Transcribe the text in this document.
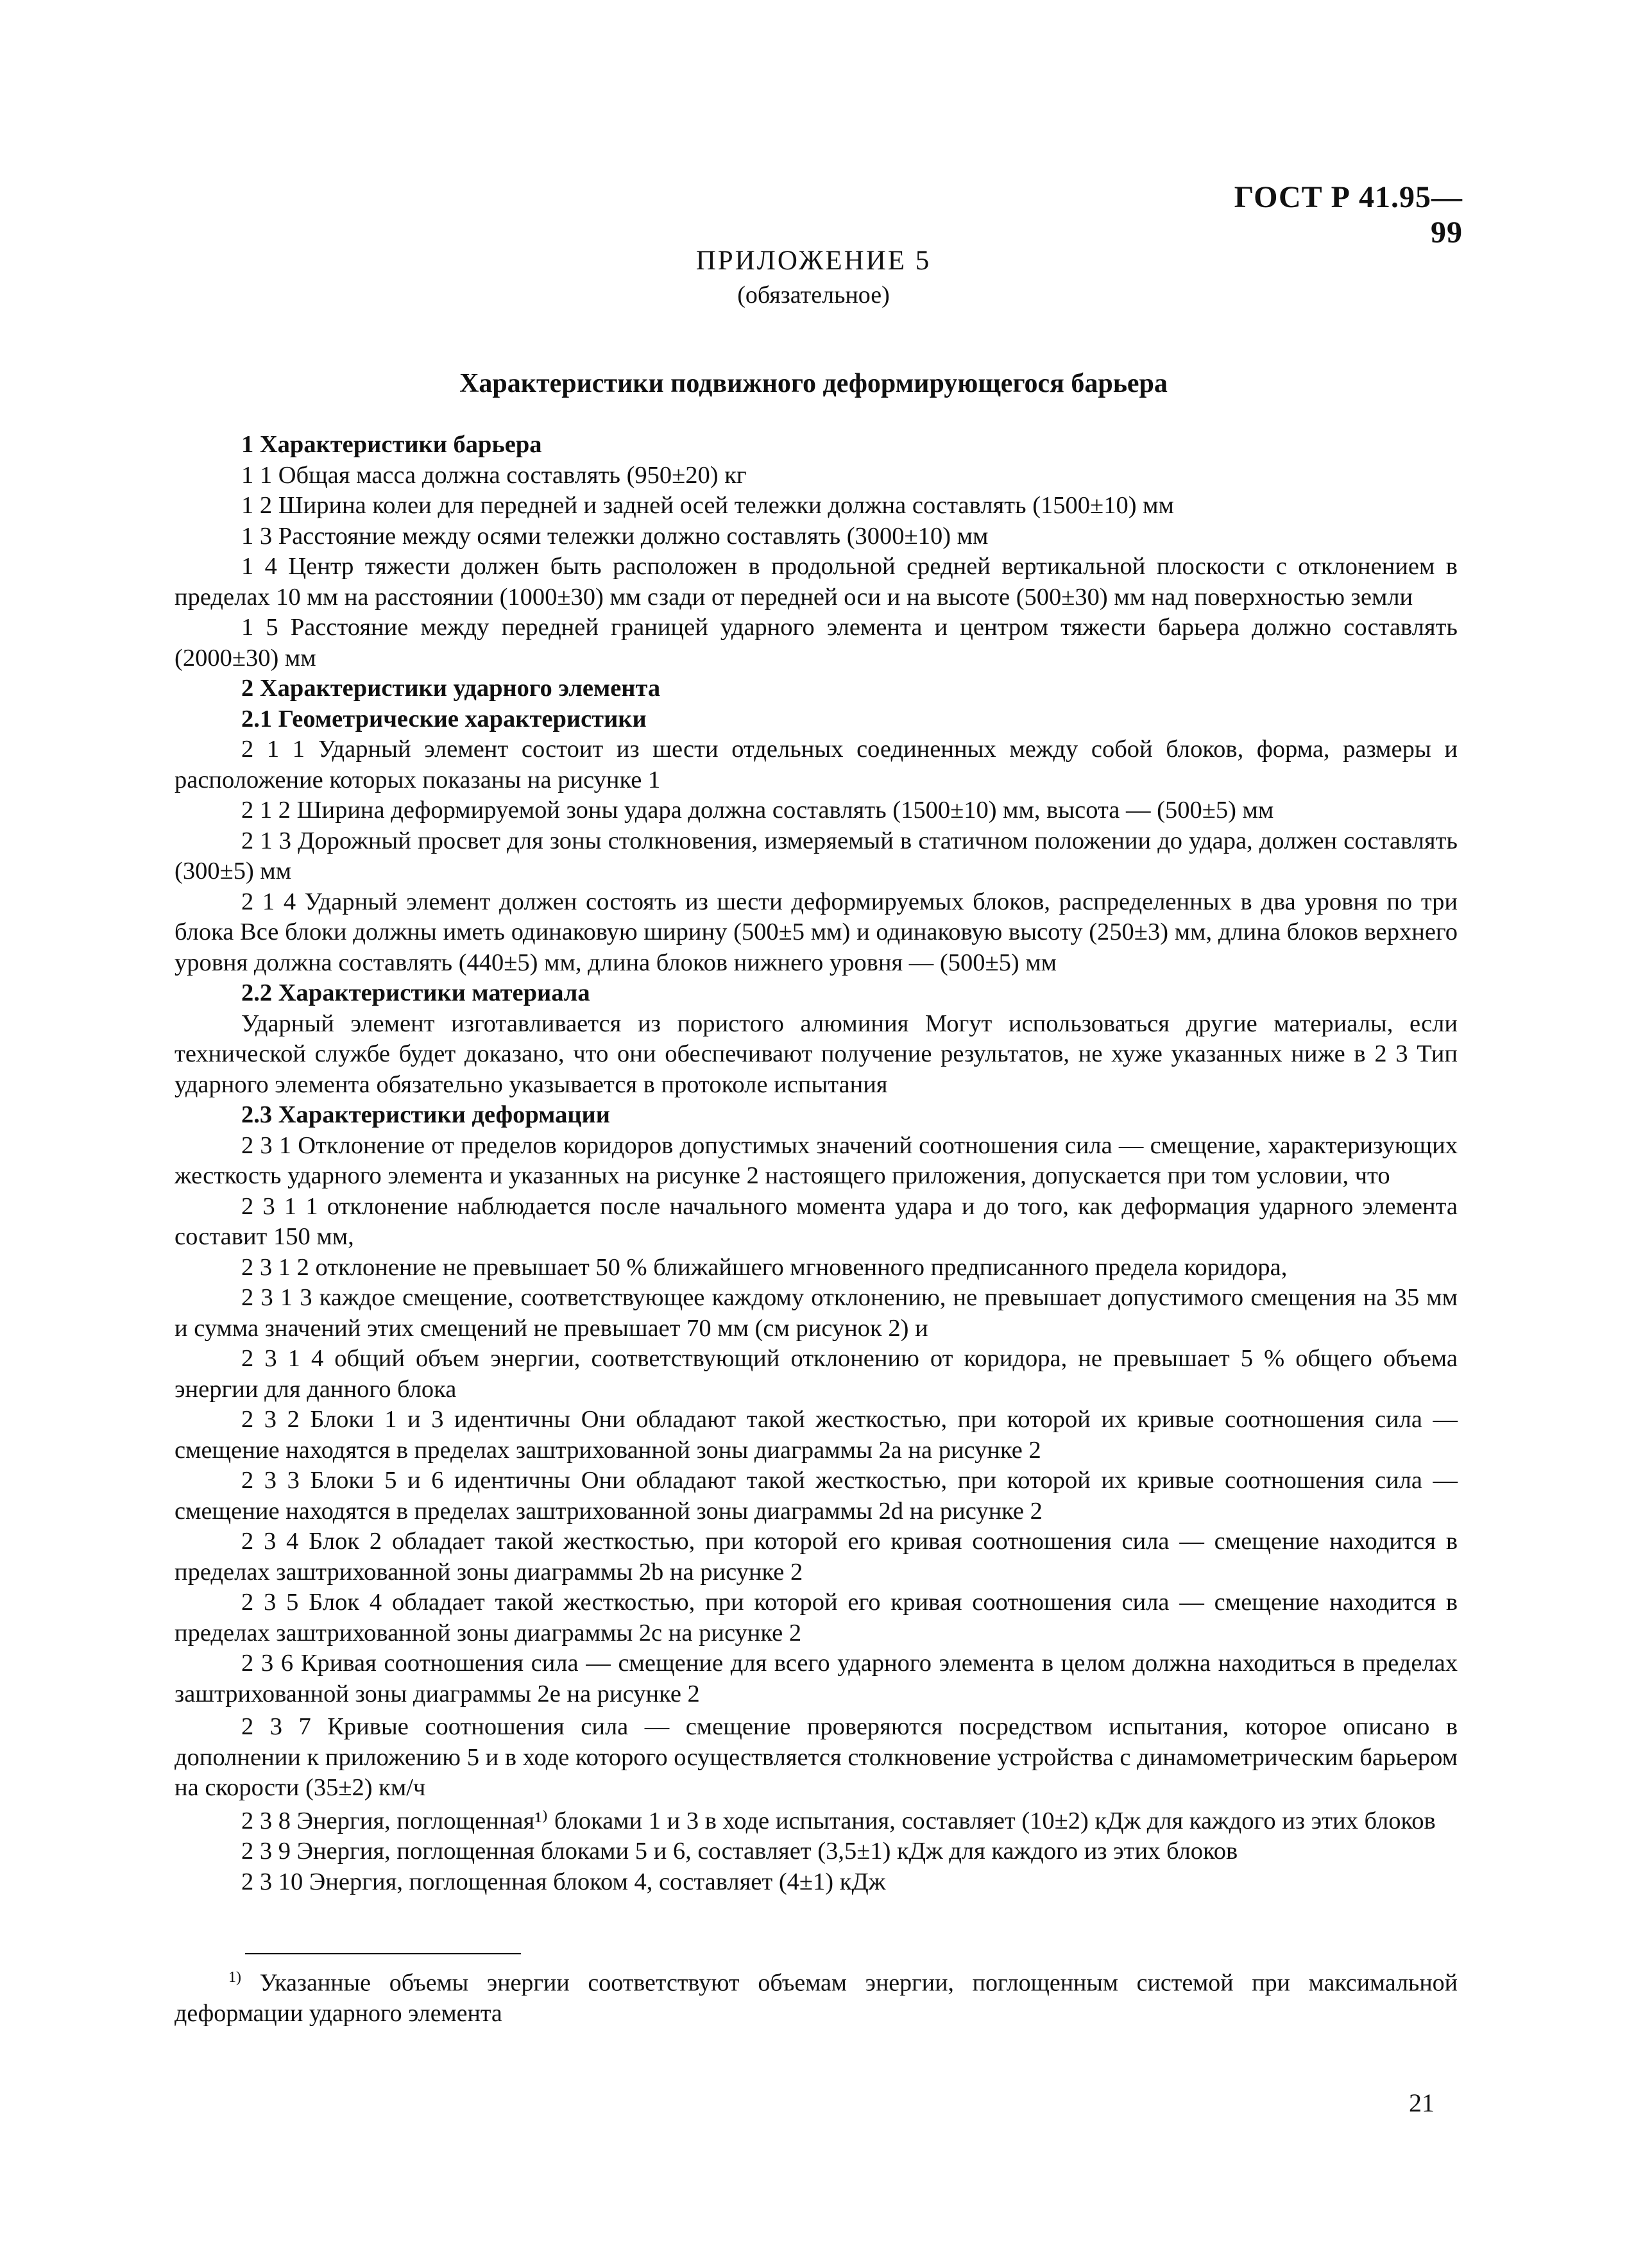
ГОСТ Р 41.95—99
ПРИЛОЖЕНИЕ 5
(обязательное)
Характеристики подвижного деформирующегося барьера

1 Характеристики барьера

1 1 Общая масса должна составлять (950±20) кг

1 2 Ширина колеи для передней и задней осей тележки должна составлять (1500±10) мм

1 3 Расстояние между осями тележки должно составлять (3000±10) мм

1 4 Центр тяжести должен быть расположен в продольной средней вертикальной плоскости с отклонением в пределах 10 мм на расстоянии (1000±30) мм сзади от передней оси и на высоте (500±30) мм над поверхностью земли

1 5 Расстояние между передней границей ударного элемента и центром тяжести барьера должно составлять (2000±30) мм

2 Характеристики ударного элемента

2.1 Геометрические характеристики

2 1 1 Ударный элемент состоит из шести отдельных соединенных между собой блоков, форма, размеры и расположение которых показаны на рисунке 1

2 1 2 Ширина деформируемой зоны удара должна составлять (1500±10) мм, высота — (500±5) мм

2 1 3 Дорожный просвет для зоны столкновения, измеряемый в статичном положении до удара, должен составлять (300±5) мм

2 1 4 Ударный элемент должен состоять из шести деформируемых блоков, распределенных в два уровня по три блока Все блоки должны иметь одинаковую ширину (500±5 мм) и одинаковую высоту (250±3) мм, длина блоков верхнего уровня должна составлять (440±5) мм, длина блоков нижнего уровня — (500±5) мм

2.2 Характеристики материала

Ударный элемент изготавливается из пористого алюминия Могут использоваться другие материалы, если технической службе будет доказано, что они обеспечивают получение результатов, не хуже указанных ниже в 2 3 Тип ударного элемента обязательно указывается в протоколе испытания

2.3 Характеристики деформации

2 3 1 Отклонение от пределов коридоров допустимых значений соотношения сила — смещение, характеризующих жесткость ударного элемента и указанных на рисунке 2 настоящего приложения, допускается при том условии, что

2 3 1 1 отклонение наблюдается после начального момента удара и до того, как деформация ударного элемента составит 150 мм,

2 3 1 2 отклонение не превышает 50 % ближайшего мгновенного предписанного предела коридора,

2 3 1 3 каждое смещение, соответствующее каждому отклонению, не превышает допустимого смещения на 35 мм и сумма значений этих смещений не превышает 70 мм (см рисунок 2) и

2 3 1 4 общий объем энергии, соответствующий отклонению от коридора, не превышает 5 % общего объема энергии для данного блока

2 3 2 Блоки 1 и 3 идентичны Они обладают такой жесткостью, при которой их кривые соотношения сила — смещение находятся в пределах заштрихованной зоны диаграммы 2a на рисунке 2

2 3 3 Блоки 5 и 6 идентичны Они обладают такой жесткостью, при которой их кривые соотношения сила — смещение находятся в пределах заштрихованной зоны диаграммы 2d на рисунке 2

2 3 4 Блок 2 обладает такой жесткостью, при которой его кривая соотношения сила — смещение находится в пределах заштрихованной зоны диаграммы 2b на рисунке 2

2 3 5 Блок 4 обладает такой жесткостью, при которой его кривая соотношения сила — смещение находится в пределах заштрихованной зоны диаграммы 2c на рисунке 2

2 3 6 Кривая соотношения сила — смещение для всего ударного элемента в целом должна находиться в пределах заштрихованной зоны диаграммы 2e на рисунке 2

2 3 7 Кривые соотношения сила — смещение проверяются посредством испытания, которое описано в дополнении к приложению 5 и в ходе которого осуществляется столкновение устройства с динамометрическим барьером на скорости (35±2) км/ч

2 3 8 Энергия, поглощенная¹⁾ блоками 1 и 3 в ходе испытания, составляет (10±2) кДж для каждого из этих блоков

2 3 9 Энергия, поглощенная блоками 5 и 6, составляет (3,5±1) кДж для каждого из этих блоков

2 3 10 Энергия, поглощенная блоком 4, составляет (4±1) кДж

$^{1)}$ Указанные объемы энергии соответствуют объемам энергии, поглощенным системой при максимальной деформации ударного элемента
21
